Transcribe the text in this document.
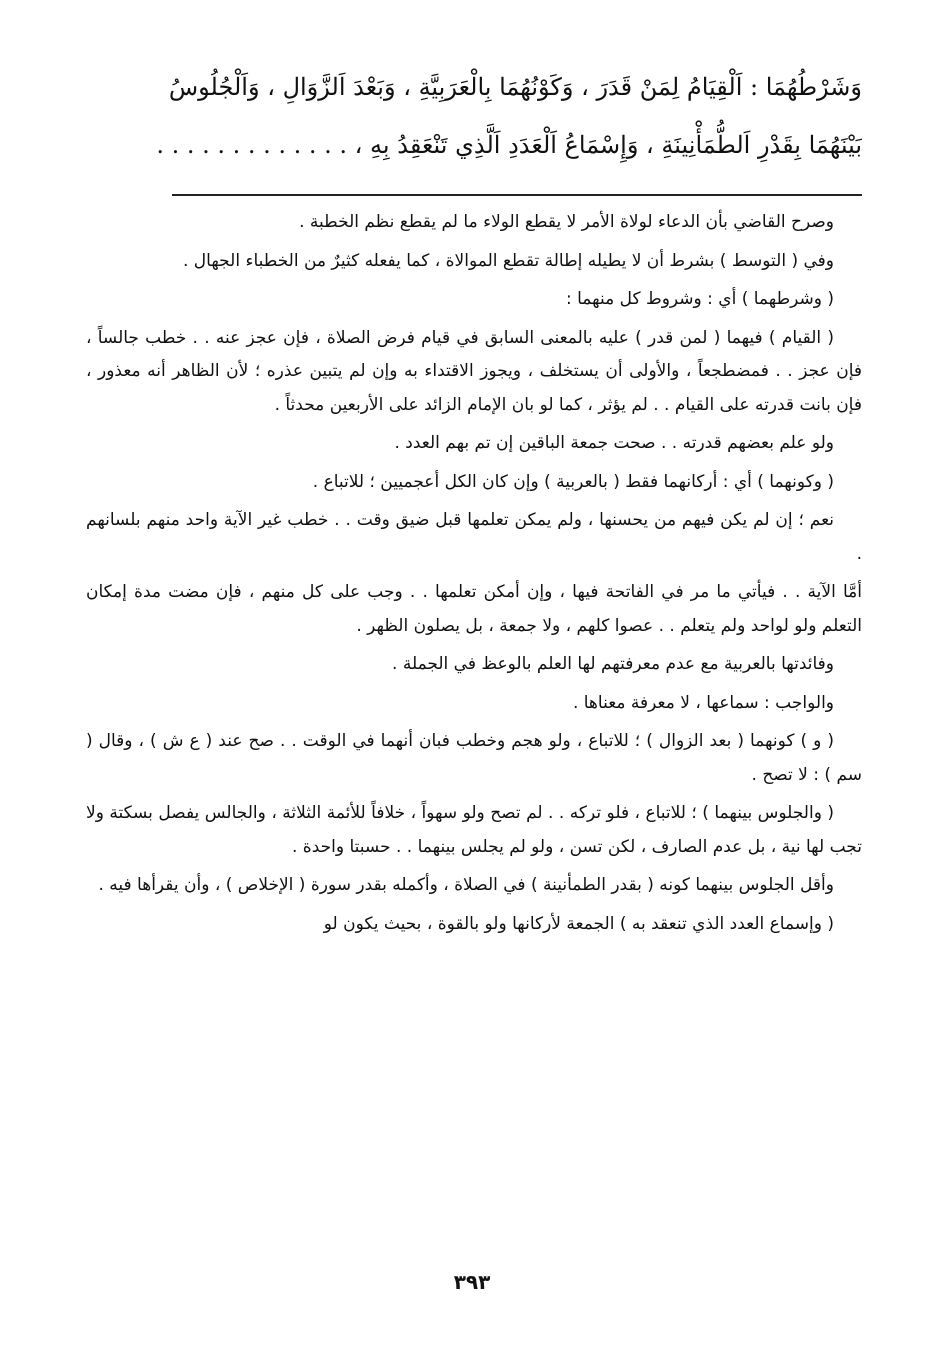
وَشَرْطُهُمَا : اَلْقِيَامُ لِمَنْ قَدَرَ ، وَكَوْنُهُمَا بِالْعَرَبِيَّةِ ، وَبَعْدَ اَلزَّوَالِ ، وَاَلْجُلُوسُ
بَيْنَهُمَا بِقَدْرِ اَلطُّمَأْنِينَةِ ، وَإِسْمَاعُ اَلْعَدَدِ اَلَّذِي تَنْعَقِدُ بِهِ ، . . . . . . . . . . . . .

وصرح القاضي بأن الدعاء لولاة الأمر لا يقطع الولاء ما لم يقطع نظم الخطبة .

وفي ( التوسط ) بشرط أن لا يطيله إطالة تقطع الموالاة ، كما يفعله كثيرٌ من الخطباء الجهال .

( وشرطهما ) أي : وشروط كل منهما :

( القيام ) فيهما ( لمن قدر ) عليه بالمعنى السابق في قيام فرض الصلاة ، فإن عجز عنه . . خطب جالساً ، فإن عجز . . فمضطجعاً ، والأولى أن يستخلف ، ويجوز الاقتداء به وإن لم يتبين عذره ؛ لأن الظاهر أنه معذور ، فإن بانت قدرته على القيام . . لم يؤثر ، كما لو بان الإمام الزائد على الأربعين محدثاً .

ولو علم بعضهم قدرته . . صحت جمعة الباقين إن تم بهم العدد .

( وكونهما ) أي : أركانهما فقط ( بالعربية ) وإن كان الكل أعجميين ؛ للاتباع .

نعم ؛ إن لم يكن فيهم من يحسنها ، ولم يمكن تعلمها قبل ضيق وقت . . خطب غير الآية واحد منهم بلسانهم .

أمَّا الآية . . فيأتي ما مر في الفاتحة فيها ، وإن أمكن تعلمها . . وجب على كل منهم ، فإن مضت مدة إمكان التعلم ولو لواحد ولم يتعلم . . عصوا كلهم ، ولا جمعة ، بل يصلون الظهر .

وفائدتها بالعربية مع عدم معرفتهم لها العلم بالوعظ في الجملة .

والواجب : سماعها ، لا معرفة معناها .

( و ) كونهما ( بعد الزوال ) ؛ للاتباع ، ولو هجم وخطب فبان أنهما في الوقت . . صح عند ( ع ش ) ، وقال ( سم ) : لا تصح .

( والجلوس بينهما ) ؛ للاتباع ، فلو تركه . . لم تصح ولو سهواً ، خلافاً للأئمة الثلاثة ، والجالس يفصل بسكتة ولا تجب لها نية ، بل عدم الصارف ، لكن تسن ، ولو لم يجلس بينهما . . حسبتا واحدة .

وأقل الجلوس بينهما كونه ( بقدر الطمأنينة ) في الصلاة ، وأكمله بقدر سورة ( الإخلاص ) ، وأن يقرأها فيه .

( وإسماع العدد الذي تنعقد به ) الجمعة لأركانها ولو بالقوة ، بحيث يكون لو

٣٩٣
